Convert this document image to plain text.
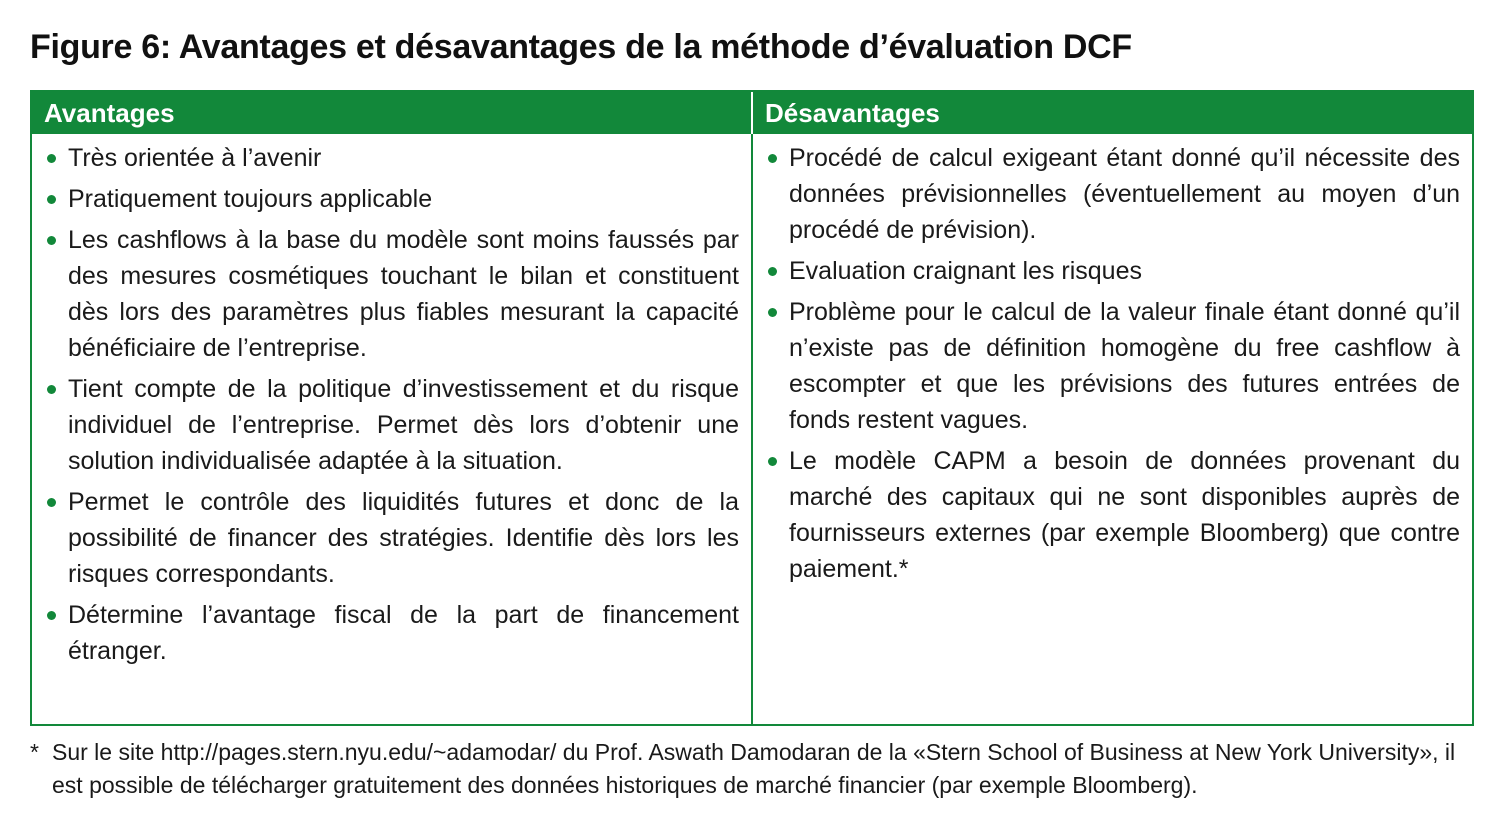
Figure 6: Avantages et désavantages de la méthode d’évaluation DCF
Avantages	Désavantages
Très orientée à l’avenir
Pratiquement toujours applicable
Les cashflows à la base du modèle sont moins faussés par des mesures cosmétiques touchant le bilan et constituent dès lors des paramètres plus fiables mesurant la capacité bénéficiaire de l’entreprise.
Tient compte de la politique d’investissement et du risque individuel de l’entreprise. Permet dès lors d’obtenir une solution individualisée adaptée à la situation.
Permet le contrôle des liquidités futures et donc de la possibilité de financer des stratégies. Identifie dès lors les risques correspondants.
Détermine l’avantage fiscal de la part de financement étranger.
Procédé de calcul exigeant étant donné qu’il nécessite des données prévisionnelles (éventuellement au moyen d’un procédé de prévision).
Evaluation craignant les risques
Problème pour le calcul de la valeur finale étant donné qu’il n’existe pas de définition homogène du free cashflow à escompter et que les prévisions des futures entrées de fonds restent vagues.
Le modèle CAPM a besoin de données provenant du marché des capitaux qui ne sont disponibles auprès de fournisseurs externes (par exemple Bloomberg) que contre paiement.*
* Sur le site http://pages.stern.nyu.edu/~adamodar/ du Prof. Aswath Damodaran de la «Stern School of Business at New York University», il est possible de télécharger gratuitement des données historiques de marché financier (par exemple Bloomberg).
